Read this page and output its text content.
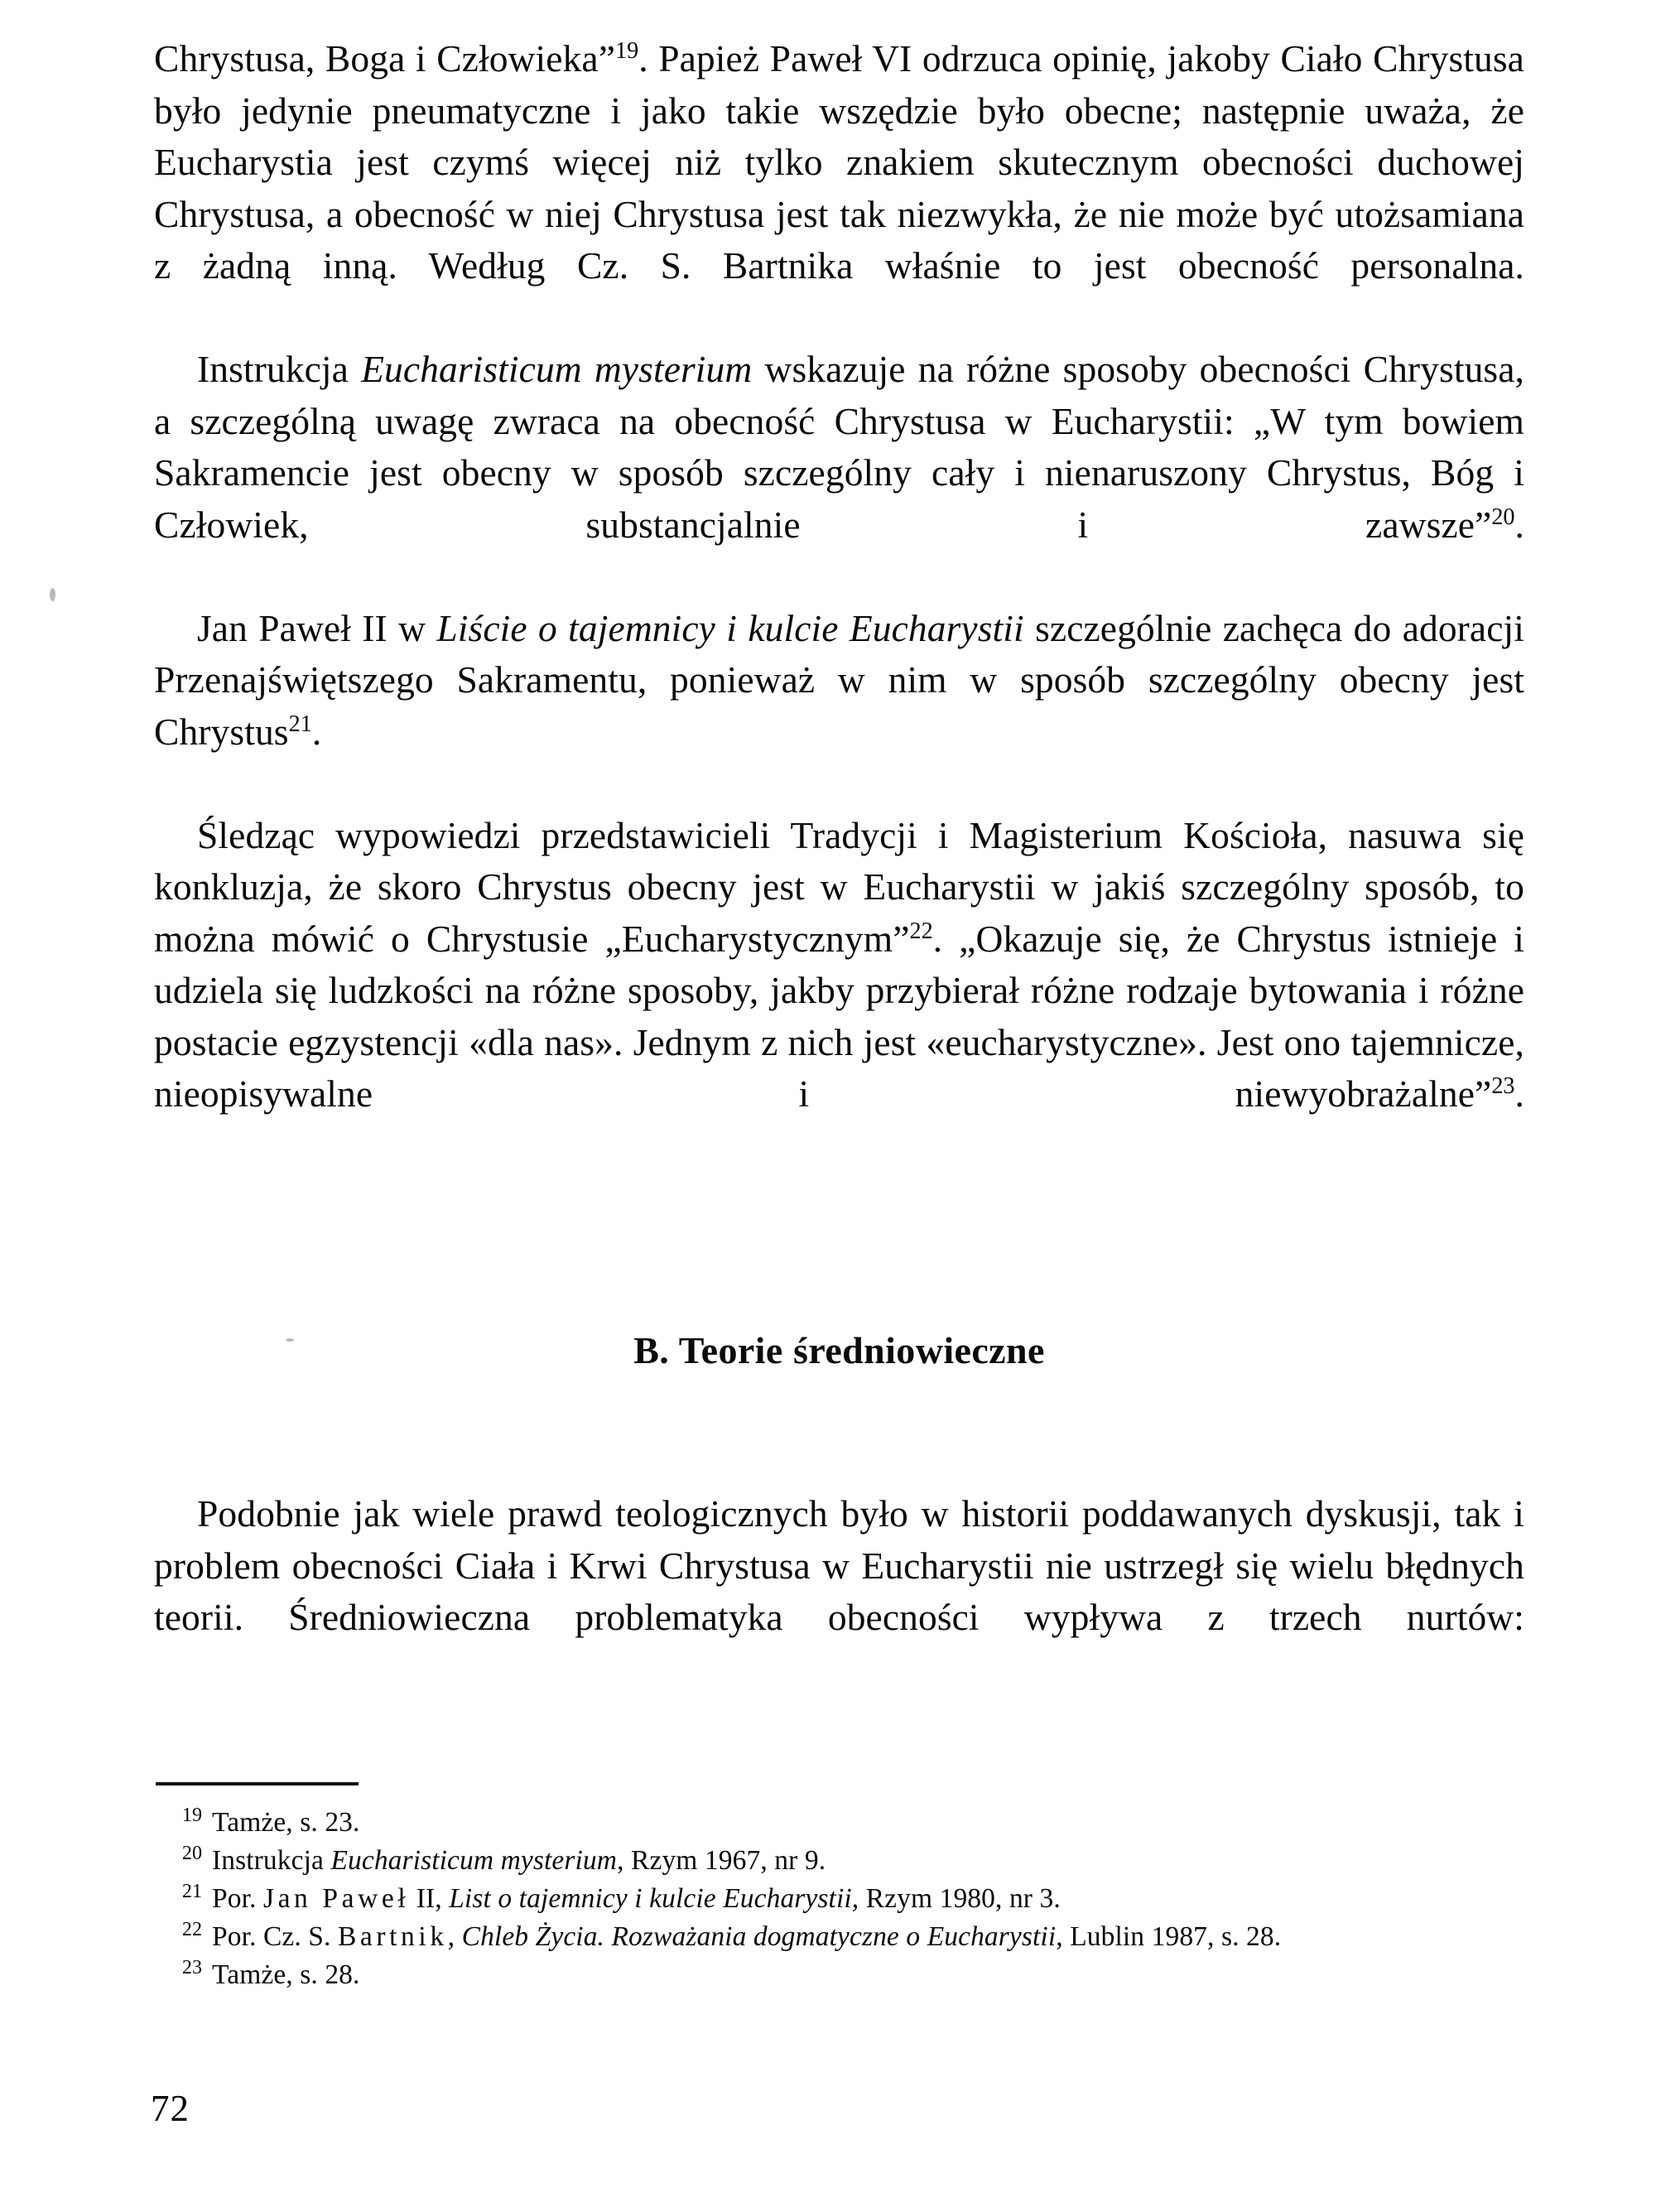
Chrystusa, Boga i Człowieka”$^{19}$. Papież Paweł VI odrzuca opinię, jakoby Ciało Chrystusa było jedynie pneumatyczne i jako takie wszędzie było obecne; następnie uważa, że Eucharystia jest czymś więcej niż tylko znakiem skutecznym obecności duchowej Chrystusa, a obecność w niej Chrystusa jest tak niezwykła, że nie może być utożsamiana z żadną inną. Według Cz. S. Bartnika właśnie to jest obecność personalna.

Instrukcja Eucharisticum mysterium wskazuje na różne sposoby obecności Chrystusa, a szczególną uwagę zwraca na obecność Chrystusa w Eucharystii: „W tym bowiem Sakramencie jest obecny w sposób szczególny cały i nienaruszony Chrystus, Bóg i Człowiek, substancjalnie i zawsze”$^{20}$.

Jan Paweł II w Liście o tajemnicy i kulcie Eucharystii szczególnie zachęca do adoracji Przenajświętszego Sakramentu, ponieważ w nim w sposób szczególny obecny jest Chrystus$^{21}$.

Śledząc wypowiedzi przedstawicieli Tradycji i Magisterium Kościoła, nasuwa się konkluzja, że skoro Chrystus obecny jest w Eucharystii w jakiś szczególny sposób, to można mówić o Chrystusie „Eucharystycznym”$^{22}$. „Okazuje się, że Chrystus istnieje i udziela się ludzkości na różne sposoby, jakby przybierał różne rodzaje bytowania i różne postacie egzystencji «dla nas». Jednym z nich jest «eucharystyczne». Jest ono tajemnicze, nieopisywalne i niewyobrażalne”$^{23}$.

B. Teorie średniowieczne

Podobnie jak wiele prawd teologicznych było w historii poddawanych dyskusji, tak i problem obecności Ciała i Krwi Chrystusa w Eucharystii nie ustrzegł się wielu błędnych teorii. Średniowieczna problematyka obecności wypływa z trzech nurtów:

$^{19}$ Tamże, s. 23.

$^{20}$ Instrukcja Eucharisticum mysterium, Rzym 1967, nr 9.

$^{21}$ Por. Jan Paweł II, List o tajemnicy i kulcie Eucharystii, Rzym 1980, nr 3.

$^{22}$ Por. Cz. S. Bartnik, Chleb Życia. Rozważania dogmatyczne o Eucharystii, Lublin 1987, s. 28.

$^{23}$ Tamże, s. 28.

72
